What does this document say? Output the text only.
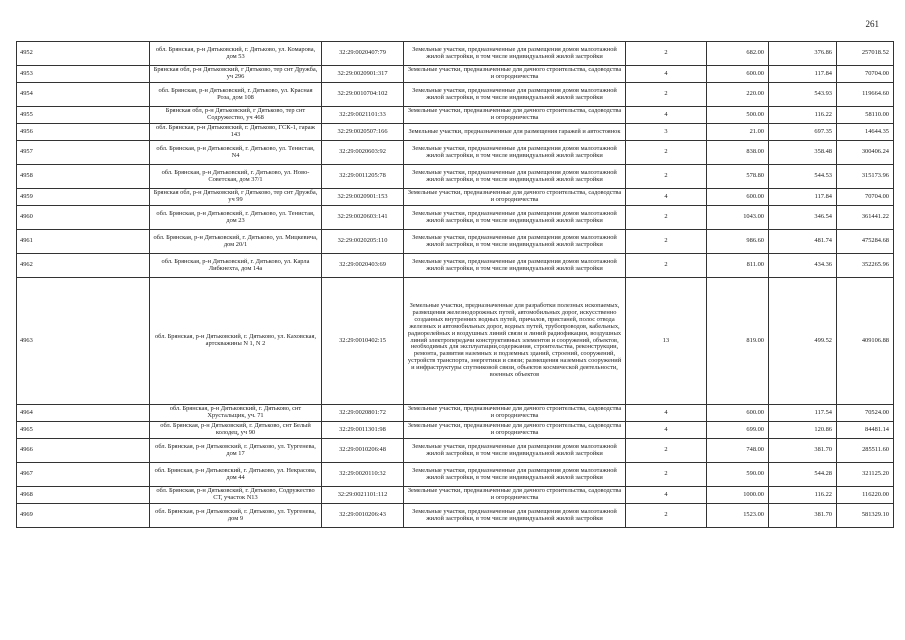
261
4952	обл. Брянская, р-н Дятьковский, г. Дятьково, ул. Комарова, дом 53	32:29:0020407:79	Земельные участки, предназначенные для размещения домов малоэтажной жилой застройки, в том числе индивидуальной жилой застройки	2	682.00	376.86	257018.52
4953	Брянская обл, р-н Дятьковский, г Дятьково, тер снт Дружба, уч 296	32:29:0020901:317	Земельные участки, предназначенные для дачного строительства, садоводства и огородничества	4	600.00	117.84	70704.00
4954	обл. Брянская, р-н Дятьковский, г. Дятьково, ул. Красная Роза, дом 108	32:29:0010704:102	Земельные участки, предназначенные для размещения домов малоэтажной жилой застройки, в том числе индивидуальной жилой застройки	2	220.00	543.93	119664.60
4955	Брянская обл, р-н Дятьковский, г Дятьково, тер снт Содружество, уч 468	32:29:0021101:33	Земельные участки, предназначенные для дачного строительства, садоводства и огородничества	4	500.00	116.22	58110.00
4956	обл. Брянская, р-н Дятьковский, г. Дятьково, ГСК-1, гараж 143	32:29:0020507:166	Земельные участки, предназначенные для размещения гаражей и автостоянок	3	21.00	697.35	14644.35
4957	обл. Брянская, р-н Дятьковский, г. Дятьково, ул. Тенистая, N4	32:29:0020603:92	Земельные участки, предназначенные для размещения домов малоэтажной жилой застройки, в том числе индивидуальной жилой застройки	2	838.00	358.48	300406.24
4958	обл. Брянская, р-н Дятьковский, г. Дятьково, ул. Ново-Советская, дом 37/1	32:29:0011205:78	Земельные участки, предназначенные для размещения домов малоэтажной жилой застройки, в том числе индивидуальной жилой застройки	2	578.80	544.53	315173.96
4959	Брянская обл, р-н Дятьковский, г Дятьково, тер снт Дружба, уч 99	32:29:0020901:153	Земельные участки, предназначенные для дачного строительства, садоводства и огородничества	4	600.00	117.84	70704.00
4960	обл. Брянская, р-н Дятьковский, г. Дятьково, ул. Тенистая, дом 23	32:29:0020603:141	Земельные участки, предназначенные для размещения домов малоэтажной жилой застройки, в том числе индивидуальной жилой застройки	2	1043.00	346.54	361441.22
4961	обл. Брянская, р-н Дятьковский, г. Дятьково, ул. Мицкевича, дом 20/1	32:29:0020205:110	Земельные участки, предназначенные для размещения домов малоэтажной жилой застройки, в том числе индивидуальной жилой застройки	2	986.60	481.74	475284.68
4962	обл. Брянская, р-н Дятьковский, г. Дятьково, ул. Карла Либкнехта, дом 14а	32:29:0020403:69	Земельные участки, предназначенные для размещения домов малоэтажной жилой застройки, в том числе индивидуальной жилой застройки	2	811.00	434.36	352265.96
4963	обл. Брянская, р-н Дятьковский, г. Дятьково, ул. Каховская, артскважины N 1, N 2	32:29:0010402:15	Земельные участки, предназначенные для разработки полезных ископаемых, размещения железнодорожных путей, автомобильных дорог, искусственно созданных внутренних водных путей, причалов, пристаней, полос отвода железных и автомобильных дорог, водных путей, трубопроводов, кабельных, радиорелейных и воздушных линий связи и линий радиофикации, воздушных линий электропередачи конструктивных элементов и сооружений, объектов, необходимых для эксплуатации,содержания, строительства, реконструкции, ремонта, развития наземных и подземных зданий, строений, сооружений, устройств транспорта, энергетики и связи; размещения наземных сооружений и инфраструктуры спутниковой связи, объектов космической деятельности, военных объектов	13	819.00	499.52	409106.88
4964	обл. Брянская, р-н Дятьковский, г. Дятьково, снт Хрустальщик, уч. 71	32:29:0020801:72	Земельные участки, предназначенные для дачного строительства, садоводства и огородничества	4	600.00	117.54	70524.00
4965	обл. Брянская, р-н Дятьковский, г. Дятьково, снт Белый колодец, уч 90	32:29:0011301:98	Земельные участки, предназначенные для дачного строительства, садоводства и огородничества	4	699.00	120.86	84481.14
4966	обл. Брянская, р-н Дятьковский, г. Дятьково, ул. Тургенева, дом 17	32:29:0010206:48	Земельные участки, предназначенные для размещения домов малоэтажной жилой застройки, в том числе индивидуальной жилой застройки	2	748.00	381.70	285511.60
4967	обл. Брянская, р-н Дятьковский, г. Дятьково, ул. Некрасова, дом 44	32:29:0020110:32	Земельные участки, предназначенные для размещения домов малоэтажной жилой застройки, в том числе индивидуальной жилой застройки	2	590.00	544.28	321125.20
4968	обл. Брянская, р-н Дятьковский, г. Дятьково, Содружество СТ, участок N13	32:29:0021101:112	Земельные участки, предназначенные для дачного строительства, садоводства и огородничества	4	1000.00	116.22	116220.00
4969	обл. Брянская, р-н Дятьковский, г. Дятьково, ул. Тургенева, дом 9	32:29:0010206:43	Земельные участки, предназначенные для размещения домов малоэтажной жилой застройки, в том числе индивидуальной жилой застройки	2	1523.00	381.70	581329.10
